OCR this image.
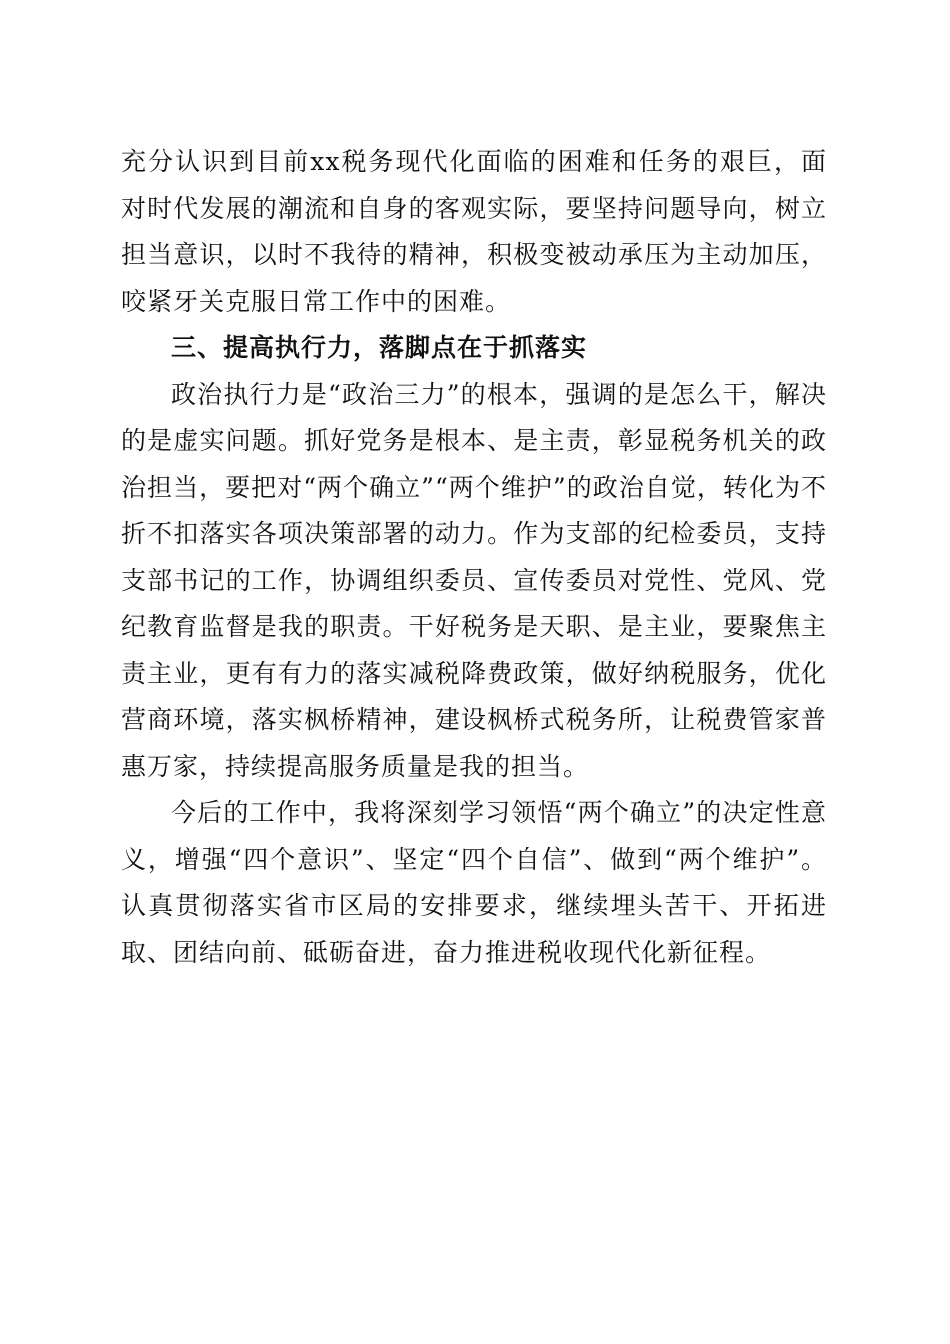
充分认识到目前xx税务现代化面临的困难和任务的艰巨，面对时代发展的潮流和自身的客观实际，要坚持问题导向，树立担当意识，以时不我待的精神，积极变被动承压为主动加压，咬紧牙关克服日常工作中的困难。

三、提高执行力，落脚点在于抓落实

政治执行力是“政治三力”的根本，强调的是怎么干，解决的是虚实问题。抓好党务是根本、是主责，彰显税务机关的政治担当，要把对“两个确立”“两个维护”的政治自觉，转化为不折不扣落实各项决策部署的动力。作为支部的纪检委员，支持支部书记的工作，协调组织委员、宣传委员对党性、党风、党纪教育监督是我的职责。干好税务是天职、是主业，要聚焦主责主业，更有有力的落实减税降费政策，做好纳税服务，优化营商环境，落实枫桥精神，建设枫桥式税务所，让税费管家普惠万家，持续提高服务质量是我的担当。

今后的工作中，我将深刻学习领悟“两个确立”的决定性意义，增强“四个意识”、坚定“四个自信”、做到“两个维护”。认真贯彻落实省市区局的安排要求，继续埋头苦干、开拓进取、团结向前、砥砺奋进，奋力推进税收现代化新征程。
